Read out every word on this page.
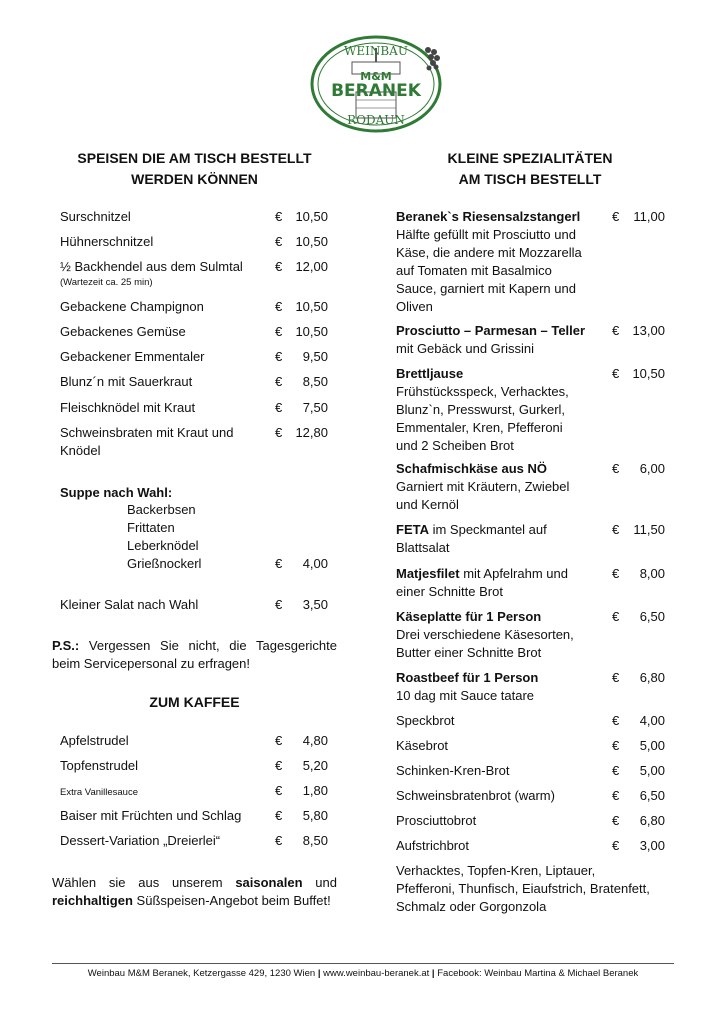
WEINBAU
M&M
BERANEK
RODAUN
SPEISEN DIE AM TISCH BESTELLT
WERDEN KÖNNEN
Surschnitzel	€	10,50
Hühnerschnitzel	€	10,50
½ Backhendel aus dem Sulmtal
(Wartezeit ca. 25 min)
€	12,00
Gebackene Champignon	€	10,50
Gebackenes Gemüse	€	10,50
Gebackener Emmentaler	€	9,50
Blunz´n mit Sauerkraut	€	8,50
Fleischknödel mit Kraut	€	7,50
Schweinsbraten mit Kraut und
Knödel
€	12,80
Suppe nach Wahl:
Backerbsen
Frittaten
Leberknödel
Grießnockerl	€	4,00
Kleiner Salat nach Wahl	€	3,50
P.S.: Vergessen Sie nicht, die Tagesgerichte
beim Servicepersonal zu erfragen!
ZUM KAFFEE
Apfelstrudel	€	4,80
Topfenstrudel	€	5,20
Extra Vanillesauce	€	1,80
Baiser mit Früchten und Schlag	€	5,80
Dessert-Variation „Dreierlei“	€	8,50
Wählen sie aus unserem saisonalen und
reichhaltigen Süßspeisen-Angebot beim Buffet!
KLEINE SPEZIALITÄTEN
AM TISCH BESTELLT
Beranek`s Riesensalzstangerl
Hälfte gefüllt mit Prosciutto und
Käse, die andere mit Mozzarella
auf Tomaten mit Basalmico
Sauce, garniert mit Kapern und
Oliven
€	11,00
Prosciutto – Parmesan – Teller
mit Gebäck und Grissini
€	13,00
Brettljause
Frühstücksspeck, Verhacktes,
Blunz`n, Presswurst, Gurkerl,
Emmentaler, Kren, Pfefferoni
und 2 Scheiben Brot
€	10,50
Schafmischkäse aus NÖ
Garniert mit Kräutern, Zwiebel
und Kernöl
€	6,00
FETA im Speckmantel auf
Blattsalat
€	11,50
Matjesfilet mit Apfelrahm und
einer Schnitte Brot
€	8,00
Käseplatte für 1 Person
Drei verschiedene Käsesorten,
Butter einer Schnitte Brot
€	6,50
Roastbeef für 1 Person
10 dag mit Sauce tatare
€	6,80
Speckbrot	€	4,00
Käsebrot	€	5,00
Schinken-Kren-Brot	€	5,00
Schweinsbratenbrot (warm)	€	6,50
Prosciuttobrot	€	6,80
Aufstrichbrot	€	3,00
Verhacktes, Topfen-Kren, Liptauer,
Pfefferoni, Thunfisch, Eiaufstrich, Bratenfett,
Schmalz oder Gorgonzola
Weinbau M&M Beranek, Ketzergasse 429, 1230 Wien | www.weinbau-beranek.at | Facebook: Weinbau Martina & Michael Beranek
